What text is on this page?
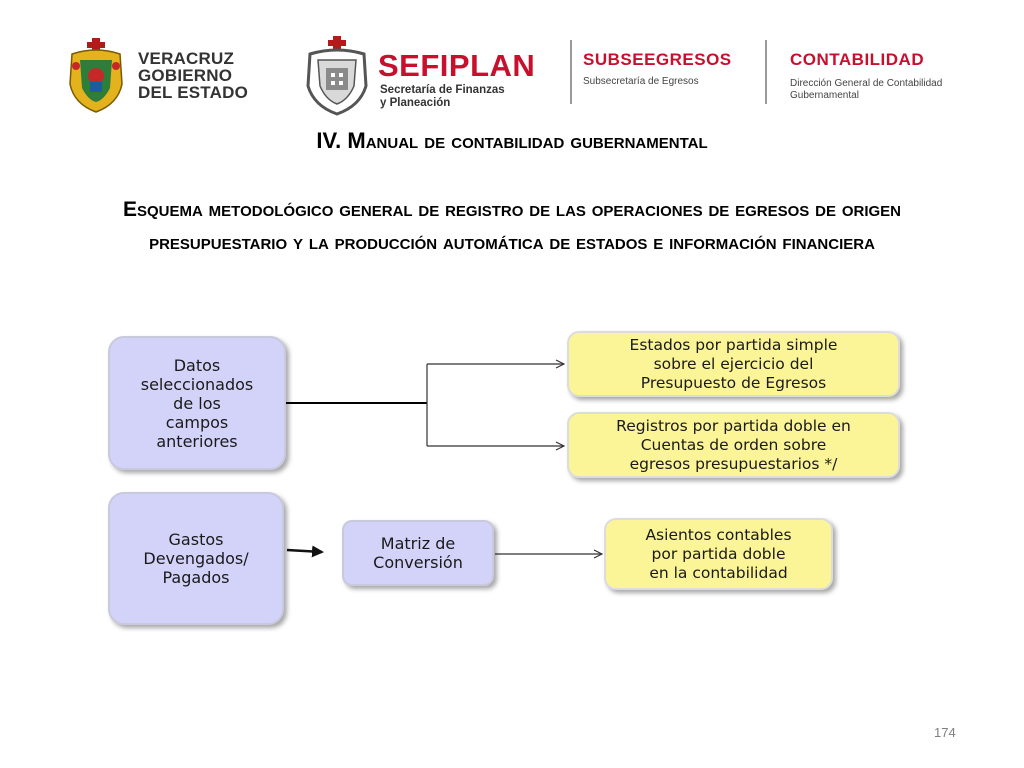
VERACRUZ
GOBIERNO
DEL ESTADO
SEFIPLAN
Secretaría de Finanzas
y Planeación
SUBSEEGRESOS
Subsecretaría de Egresos
CONTABILIDAD
Dirección General de Contabilidad
Gubernamental
IV. Manual de contabilidad gubernamental
Esquema metodológico general de registro de las operaciones de egresos de origen presupuestario y la producción automática de estados e información financiera
Datos
seleccionados
de los
campos
anteriores
Estados por partida simple
sobre el ejercicio del
Presupuesto de Egresos
Registros por partida doble en
Cuentas de orden sobre
egresos presupuestarios */
Gastos
Devengados/
Pagados
Matriz de
Conversión
Asientos contables
por partida doble
en la contabilidad
174
